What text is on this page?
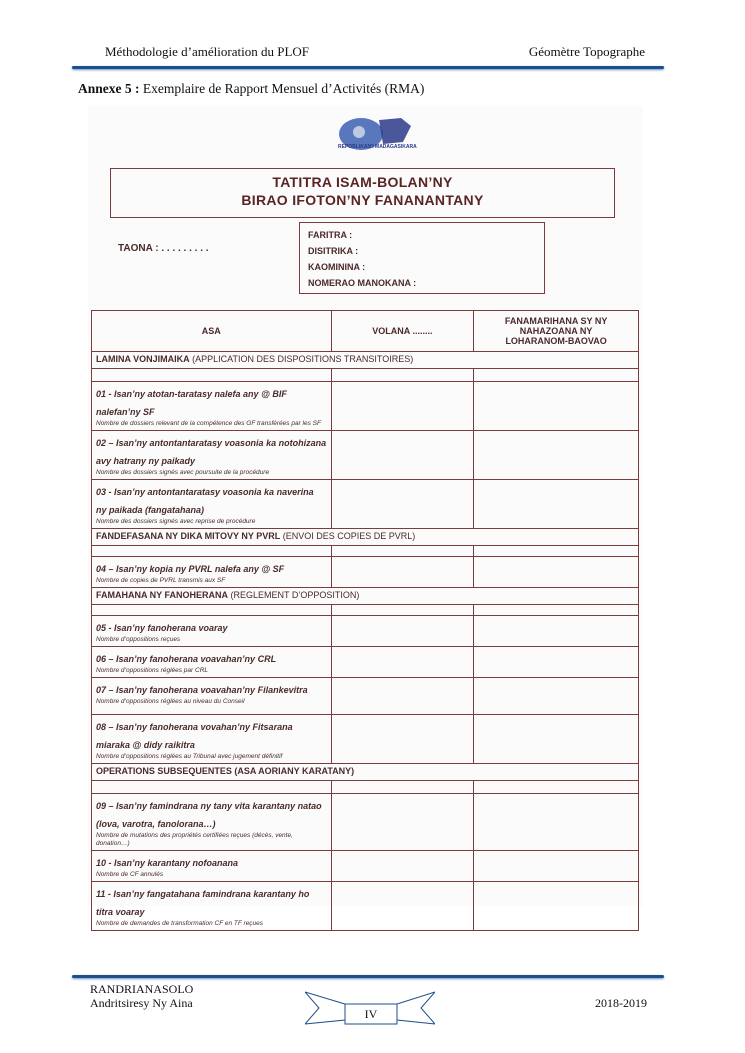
Méthodologie d’amélioration du PLOF	Géomètre Topographe
Annexe 5 : Exemplaire de Rapport Mensuel d’Activités (RMA)
REPOBLIKAN'I MADAGASIKARA
TATITRA ISAM-BOLAN’NY
BIRAO IFOTON’NY FANANANTANY
TAONA : . . . . . . . . .
FARITRA :
DISITRIKA :
KAOMININA :
NOMERAO MANOKANA :
ASA	VOLANA ........	FANAMARIHANA SY NY
NAHAZOANA NY
LOHARANOM-BAOVAO

LAMINA VONJIMAIKA (APPLICATION DES DISPOSITIONS TRANSITOIRES)		

01 - Isan’ny atotan-taratasy nalefa any @ BIF nalefan’ny SF
Nombre de dossiers relevant de la compétence des GF transférées par les SF		

02 – Isan’ny antontantaratasy voasonia ka notohizana avy hatrany ny paikady
Nombre des dossiers signés avec poursuite de la procédure		

03 - Isan’ny antontantaratasy voasonia ka naverina ny paikada (fangatahana)
Nombre des dossiers signés avec reprise de procédure		

FANDEFASANA NY DIKA MITOVY NY PVRL (ENVOI DES COPIES DE PVRL)		

04 – Isan’ny kopia ny PVRL nalefa any @ SF
Nombre de copies de PVRL transmis aux SF		

FAMAHANA NY FANOHERANA (REGLEMENT D’OPPOSITION)		

05 - Isan’ny fanoherana voaray
Nombre d’oppositions reçues		

06 – Isan’ny fanoherana voavahan’ny CRL
Nombre d’oppositions réglées par CRL		

07 – Isan’ny fanoherana voavahan’ny Filankevitra
Nombre d’oppositions réglées au niveau du Conseil		

08 – Isan’ny fanoherana vovahan’ny Fitsarana miaraka @ didy raikitra
Nombre d’oppositions réglées au Tribunal avec jugement définitif		

OPERATIONS SUBSEQUENTES (ASA AORIANY KARATANY)		

09 – Isan’ny famindrana ny tany vita karantany natao (lova, varotra, fanolorana…)
Nombre de mutations des propriétés certifiées reçues (décès, vente, donation…)		

10 - Isan’ny karantany nofoanana
Nombre de CF annulés		

11 - Isan’ny fangatahana famindrana karantany ho titra voaray
Nombre de demandes de transformation CF en TF reçues		

RANDRIANASOLO
Andritsiresy Ny Aina
IV
2018-2019
